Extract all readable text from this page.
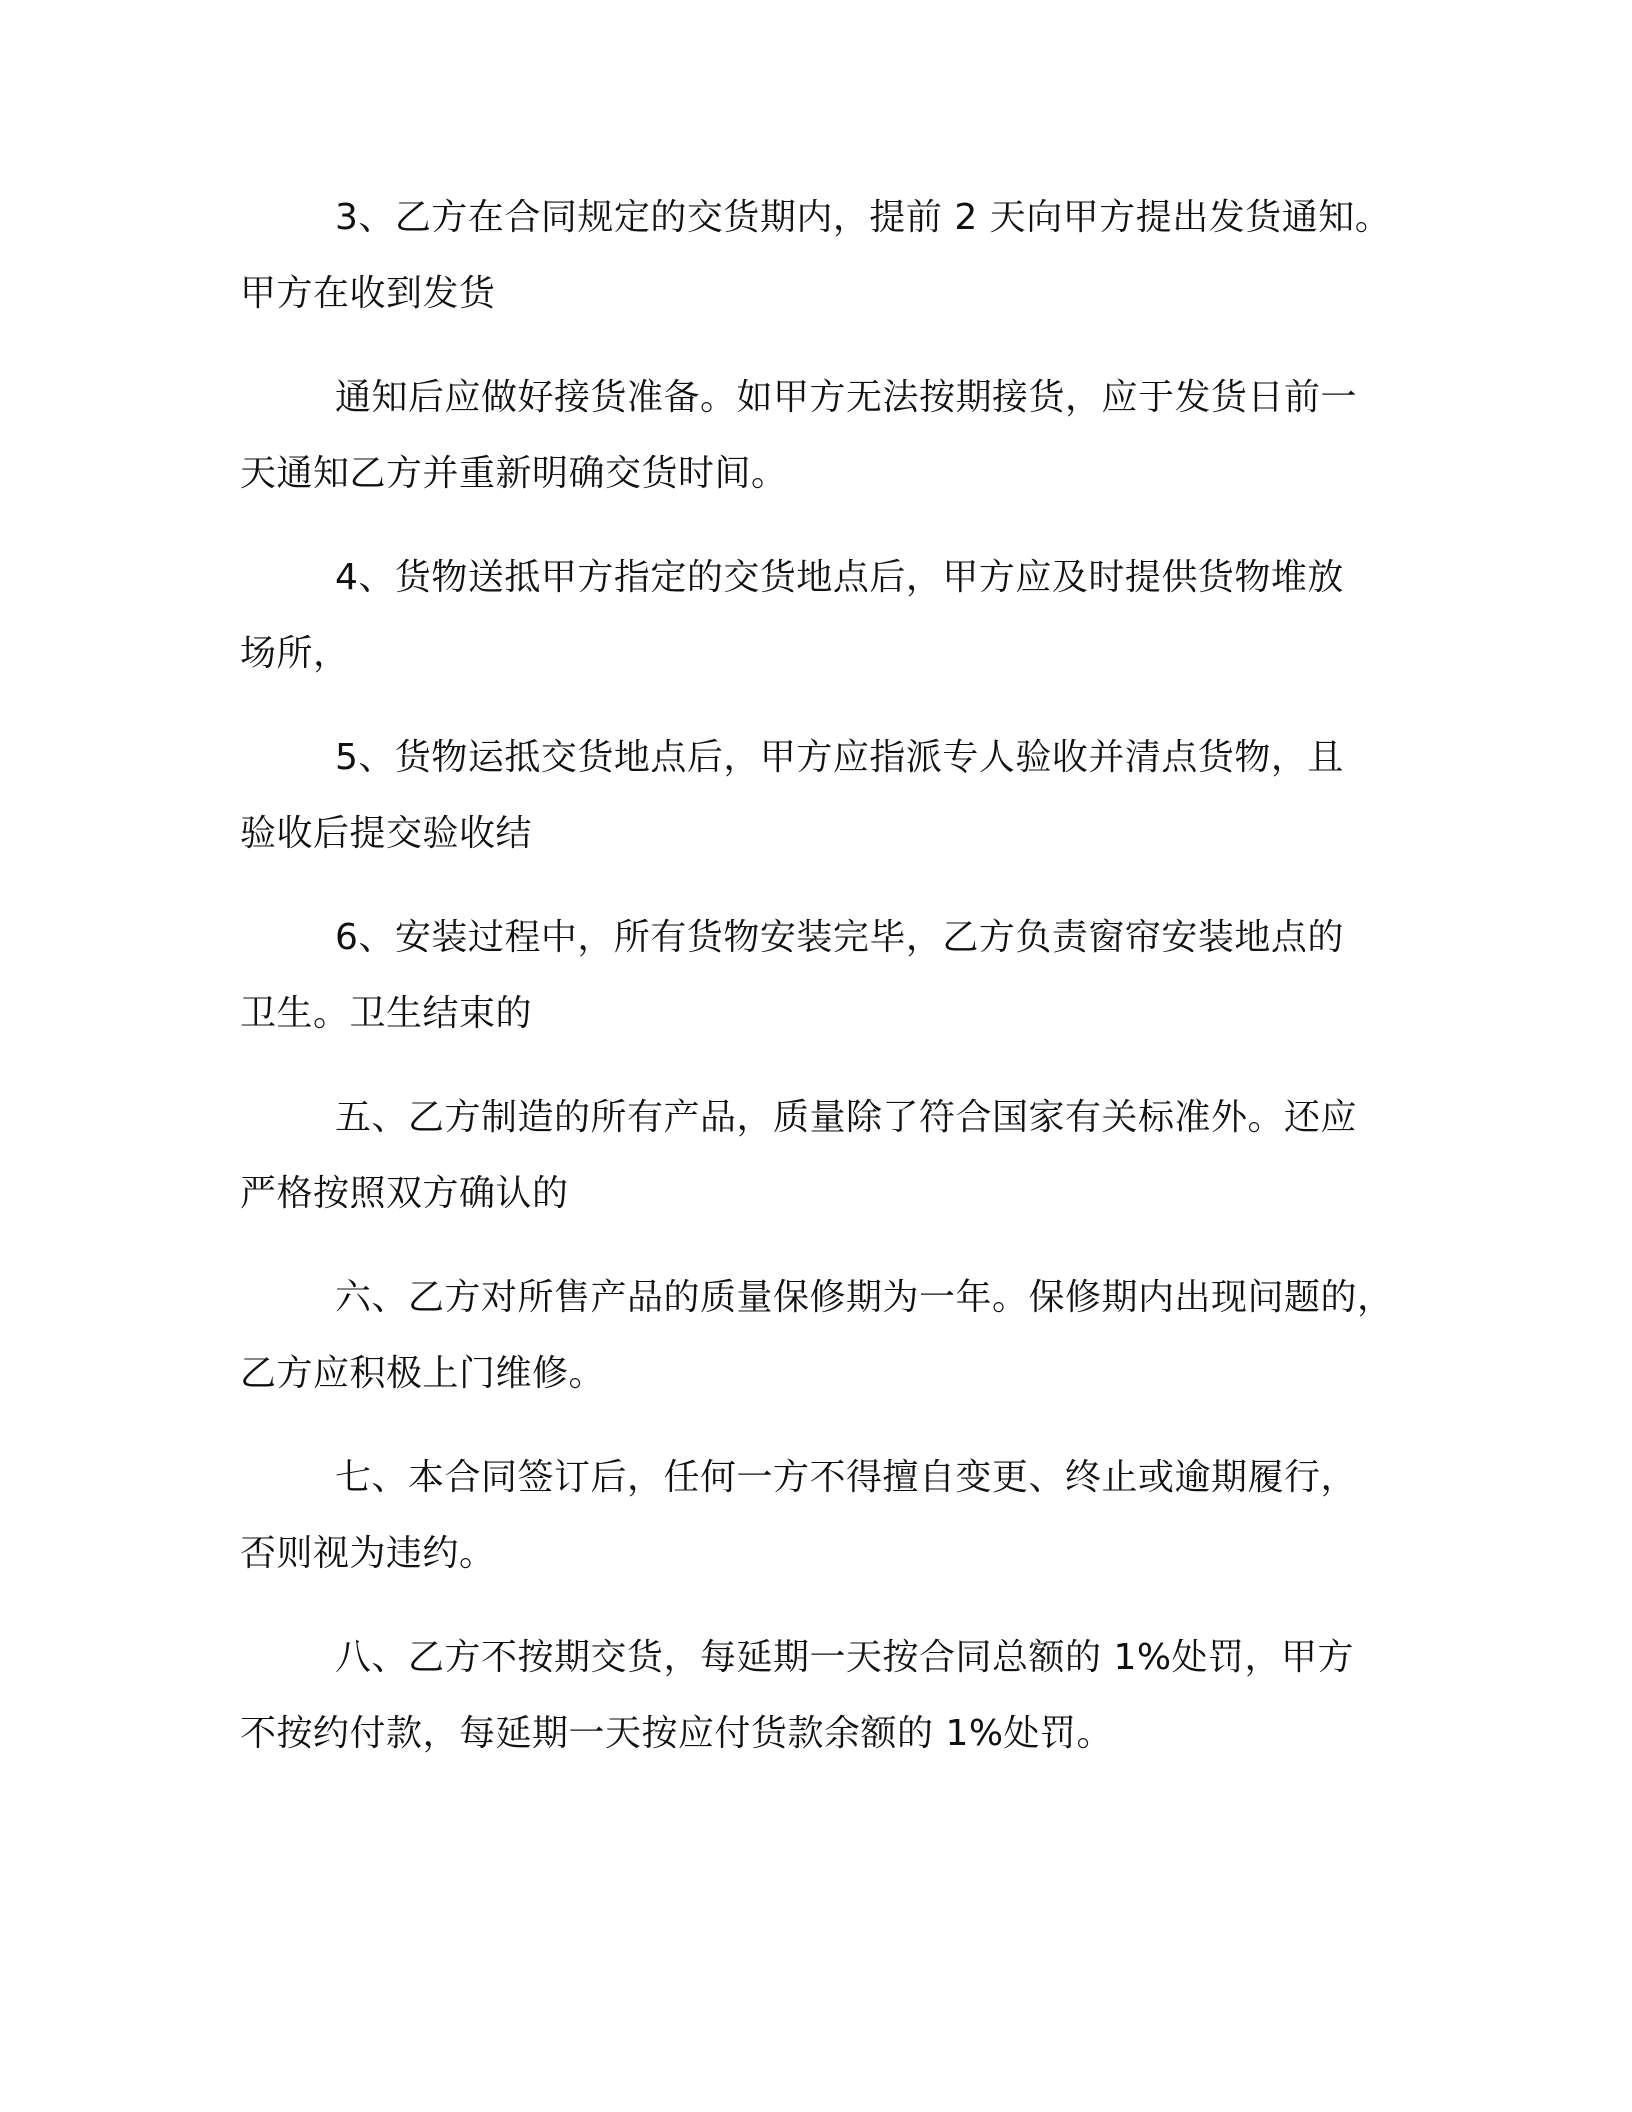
3、乙方在合同规定的交货期内，提前 2 天向甲方提出发货通知。
甲方在收到发货

通知后应做好接货准备。如甲方无法按期接货，应于发货日前一
天通知乙方并重新明确交货时间。

4、货物送抵甲方指定的交货地点后，甲方应及时提供货物堆放
场所，

5、货物运抵交货地点后，甲方应指派专人验收并清点货物，且
验收后提交验收结

6、安装过程中，所有货物安装完毕，乙方负责窗帘安装地点的
卫生。卫生结束的

五、乙方制造的所有产品，质量除了符合国家有关标准外。还应
严格按照双方确认的

六、乙方对所售产品的质量保修期为一年。保修期内出现问题的，
乙方应积极上门维修。

七、本合同签订后，任何一方不得擅自变更、终止或逾期履行，
否则视为违约。

八、乙方不按期交货，每延期一天按合同总额的 1%处罚，甲方
不按约付款，每延期一天按应付货款余额的 1%处罚。
